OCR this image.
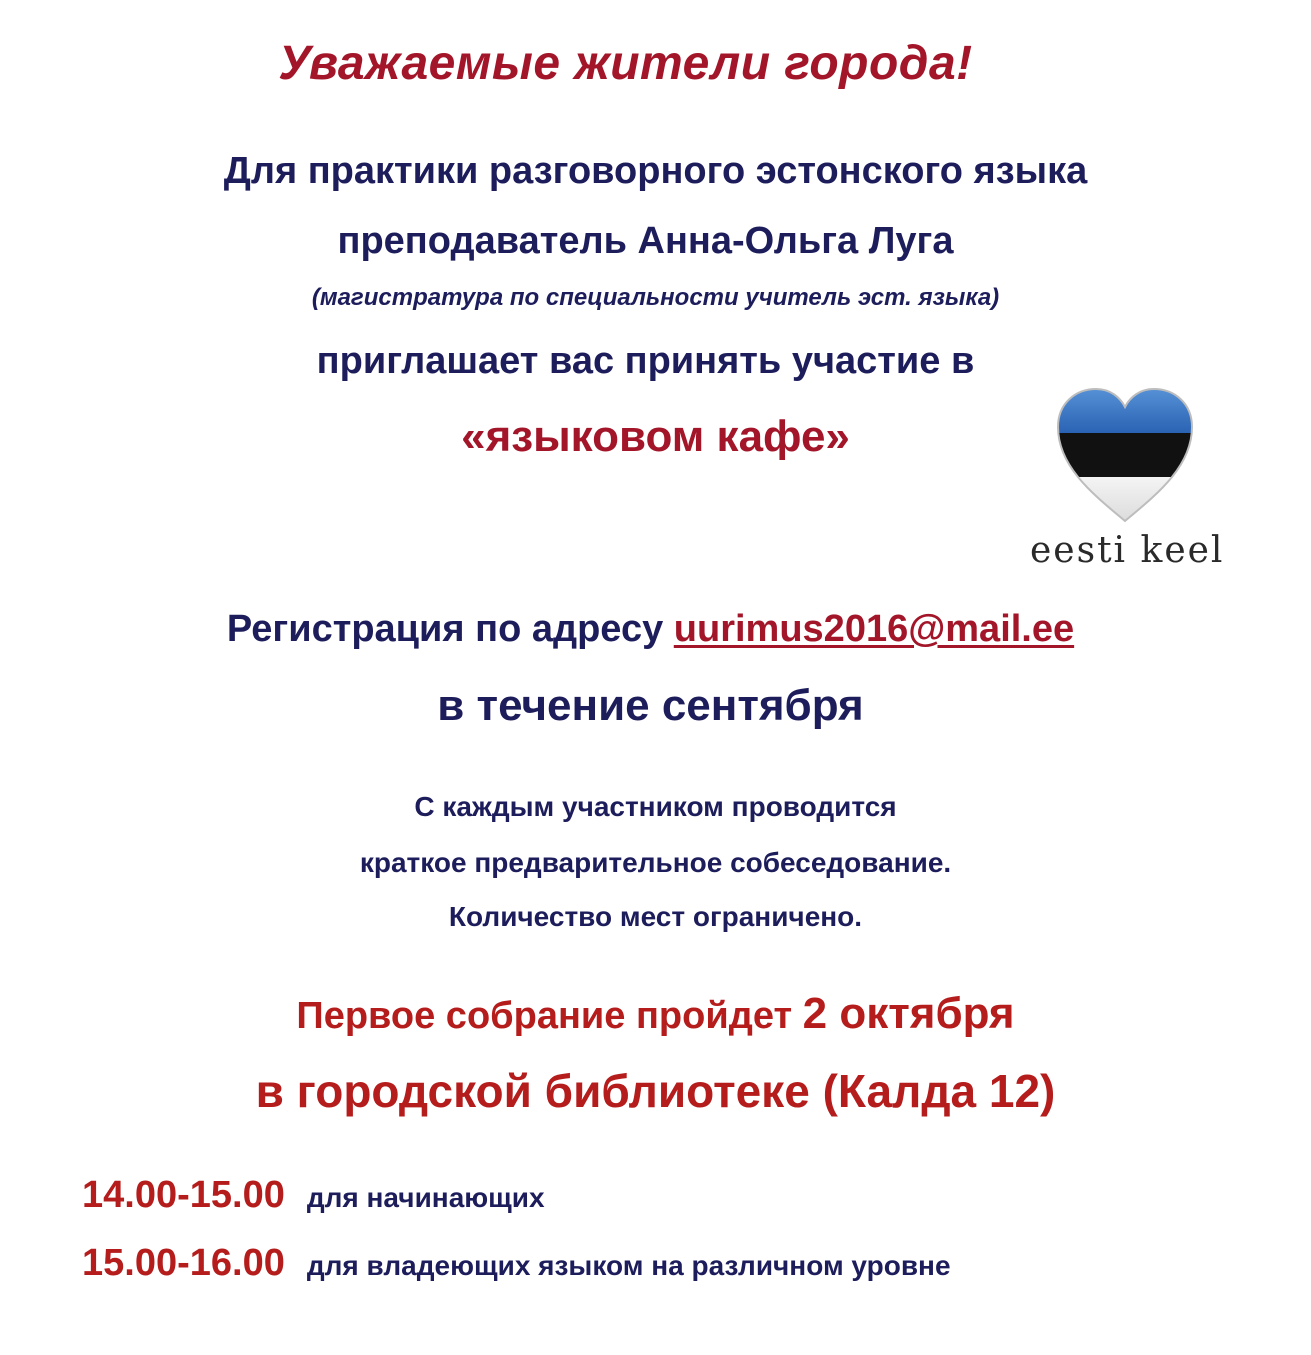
Уважаемые жители города!
Для практики разговорного эстонского языка
преподаватель Анна-Ольга Луга
(магистратура по специальности учитель эст. языка)
приглашает вас принять участие в
«языковом кафе»
eesti keel
Регистрация по адресу uurimus2016@mail.ee
в течение сентября
С каждым участником проводится
краткое предварительное собеседование.
Количество мест ограничено.
Первое собрание пройдет 2 октября
в городской библиотеке (Калда 12)
14.00-15.00 для начинающих
15.00-16.00 для владеющих языком на различном уровне
